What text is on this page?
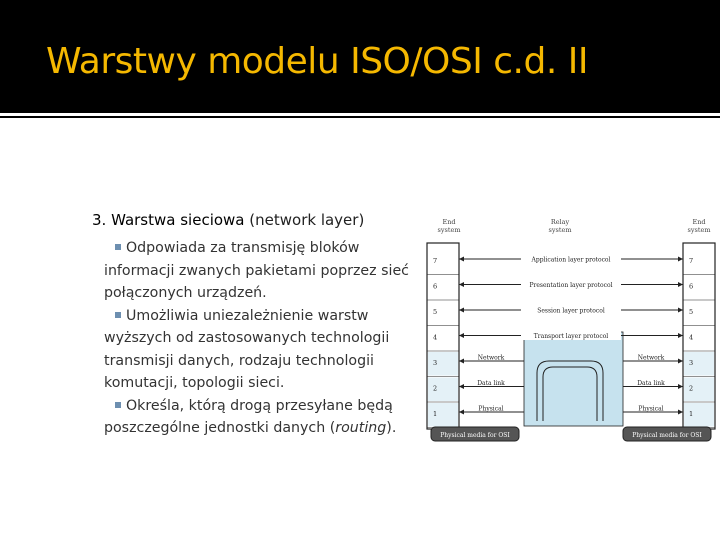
Warstwy modelu ISO/OSI c.d. II
3. Warstwa sieciowa (network layer)

Odpowiada za transmisję bloków informacji zwanych pakietami poprzez sieć połączonych urządzeń.

Umożliwia uniezależnienie warstw wyższych od zastosowanych technologii transmisji danych, rodzaju technologii komutacji, topologii sieci.

Określa, którą drogą przesyłane będą poszczególne jednostki danych (routing).

7	7
6	6
5	5
4	4
3	3
2	2
1	1
Application layer protocol
Presentation layer protocol
Session layer protocol
Transport layer protocol
Network	Network
Data link	Data link
Physical	Physical
End
system
Relay
system
End
system
Physical media for OSI	Physical media for OSI
